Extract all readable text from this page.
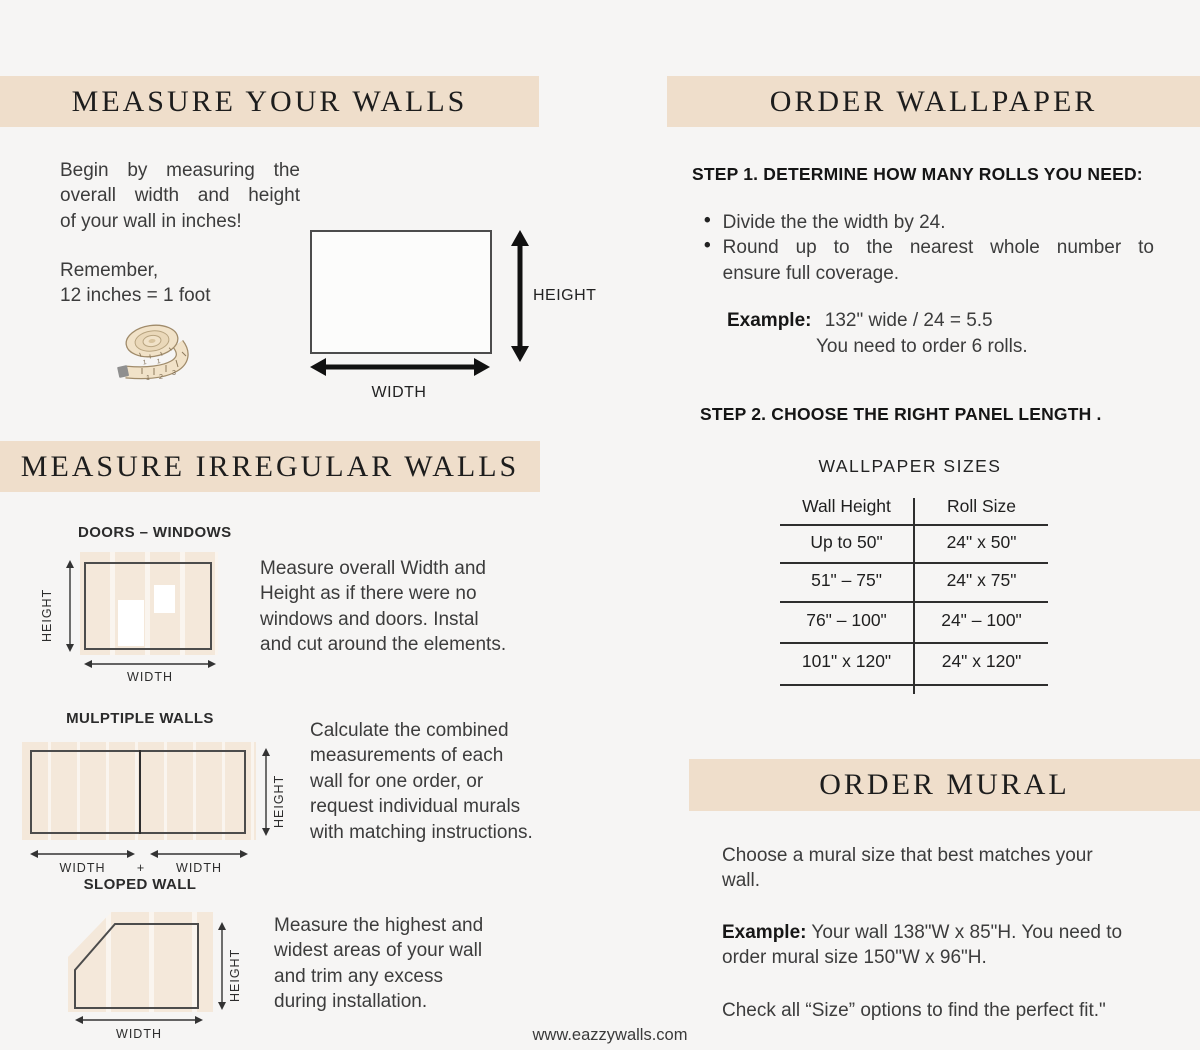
MEASURE YOUR WALLS
Begin by measuring the
overall width and height
of your wall in inches!
Remember,
12 inches = 1 foot
1 2
3
1 1
HEIGHT
WIDTH
MEASURE IRREGULAR WALLS
DOORS – WINDOWS
HEIGHT
WIDTH
Measure overall Width and
Height as if there were no
windows and doors. Instal
and cut around the elements.
MULPTIPLE WALLS
HEIGHT
WIDTH	+	WIDTH
Calculate the combined
measurements of each
wall for one order, or
request individual murals
with matching instructions.
SLOPED WALL
HEIGHT
WIDTH
Measure the highest and
widest areas of your wall
and trim any excess
during installation.
www.eazzywalls.com
ORDER WALLPAPER
STEP 1. DETERMINE HOW MANY ROLLS YOU NEED:
• Divide the the width by 24.
• Round up to the nearest whole number to
ensure full coverage.
Example: 132" wide / 24 = 5.5
You need to order 6 rolls.
STEP 2. CHOOSE THE RIGHT PANEL LENGTH .
WALLPAPER SIZES
Wall Height	Roll Size
Up to 50"	24" x 50"
51" – 75"	24" x 75"
76" – 100"	24" – 100"
101" x 120"	24" x 120"
ORDER MURAL
Choose a mural size that best matches your
wall.
Example: Your wall 138"W x 85"H. You need to
order mural size 150"W x 96"H.
Check all “Size” options to find the perfect fit."
